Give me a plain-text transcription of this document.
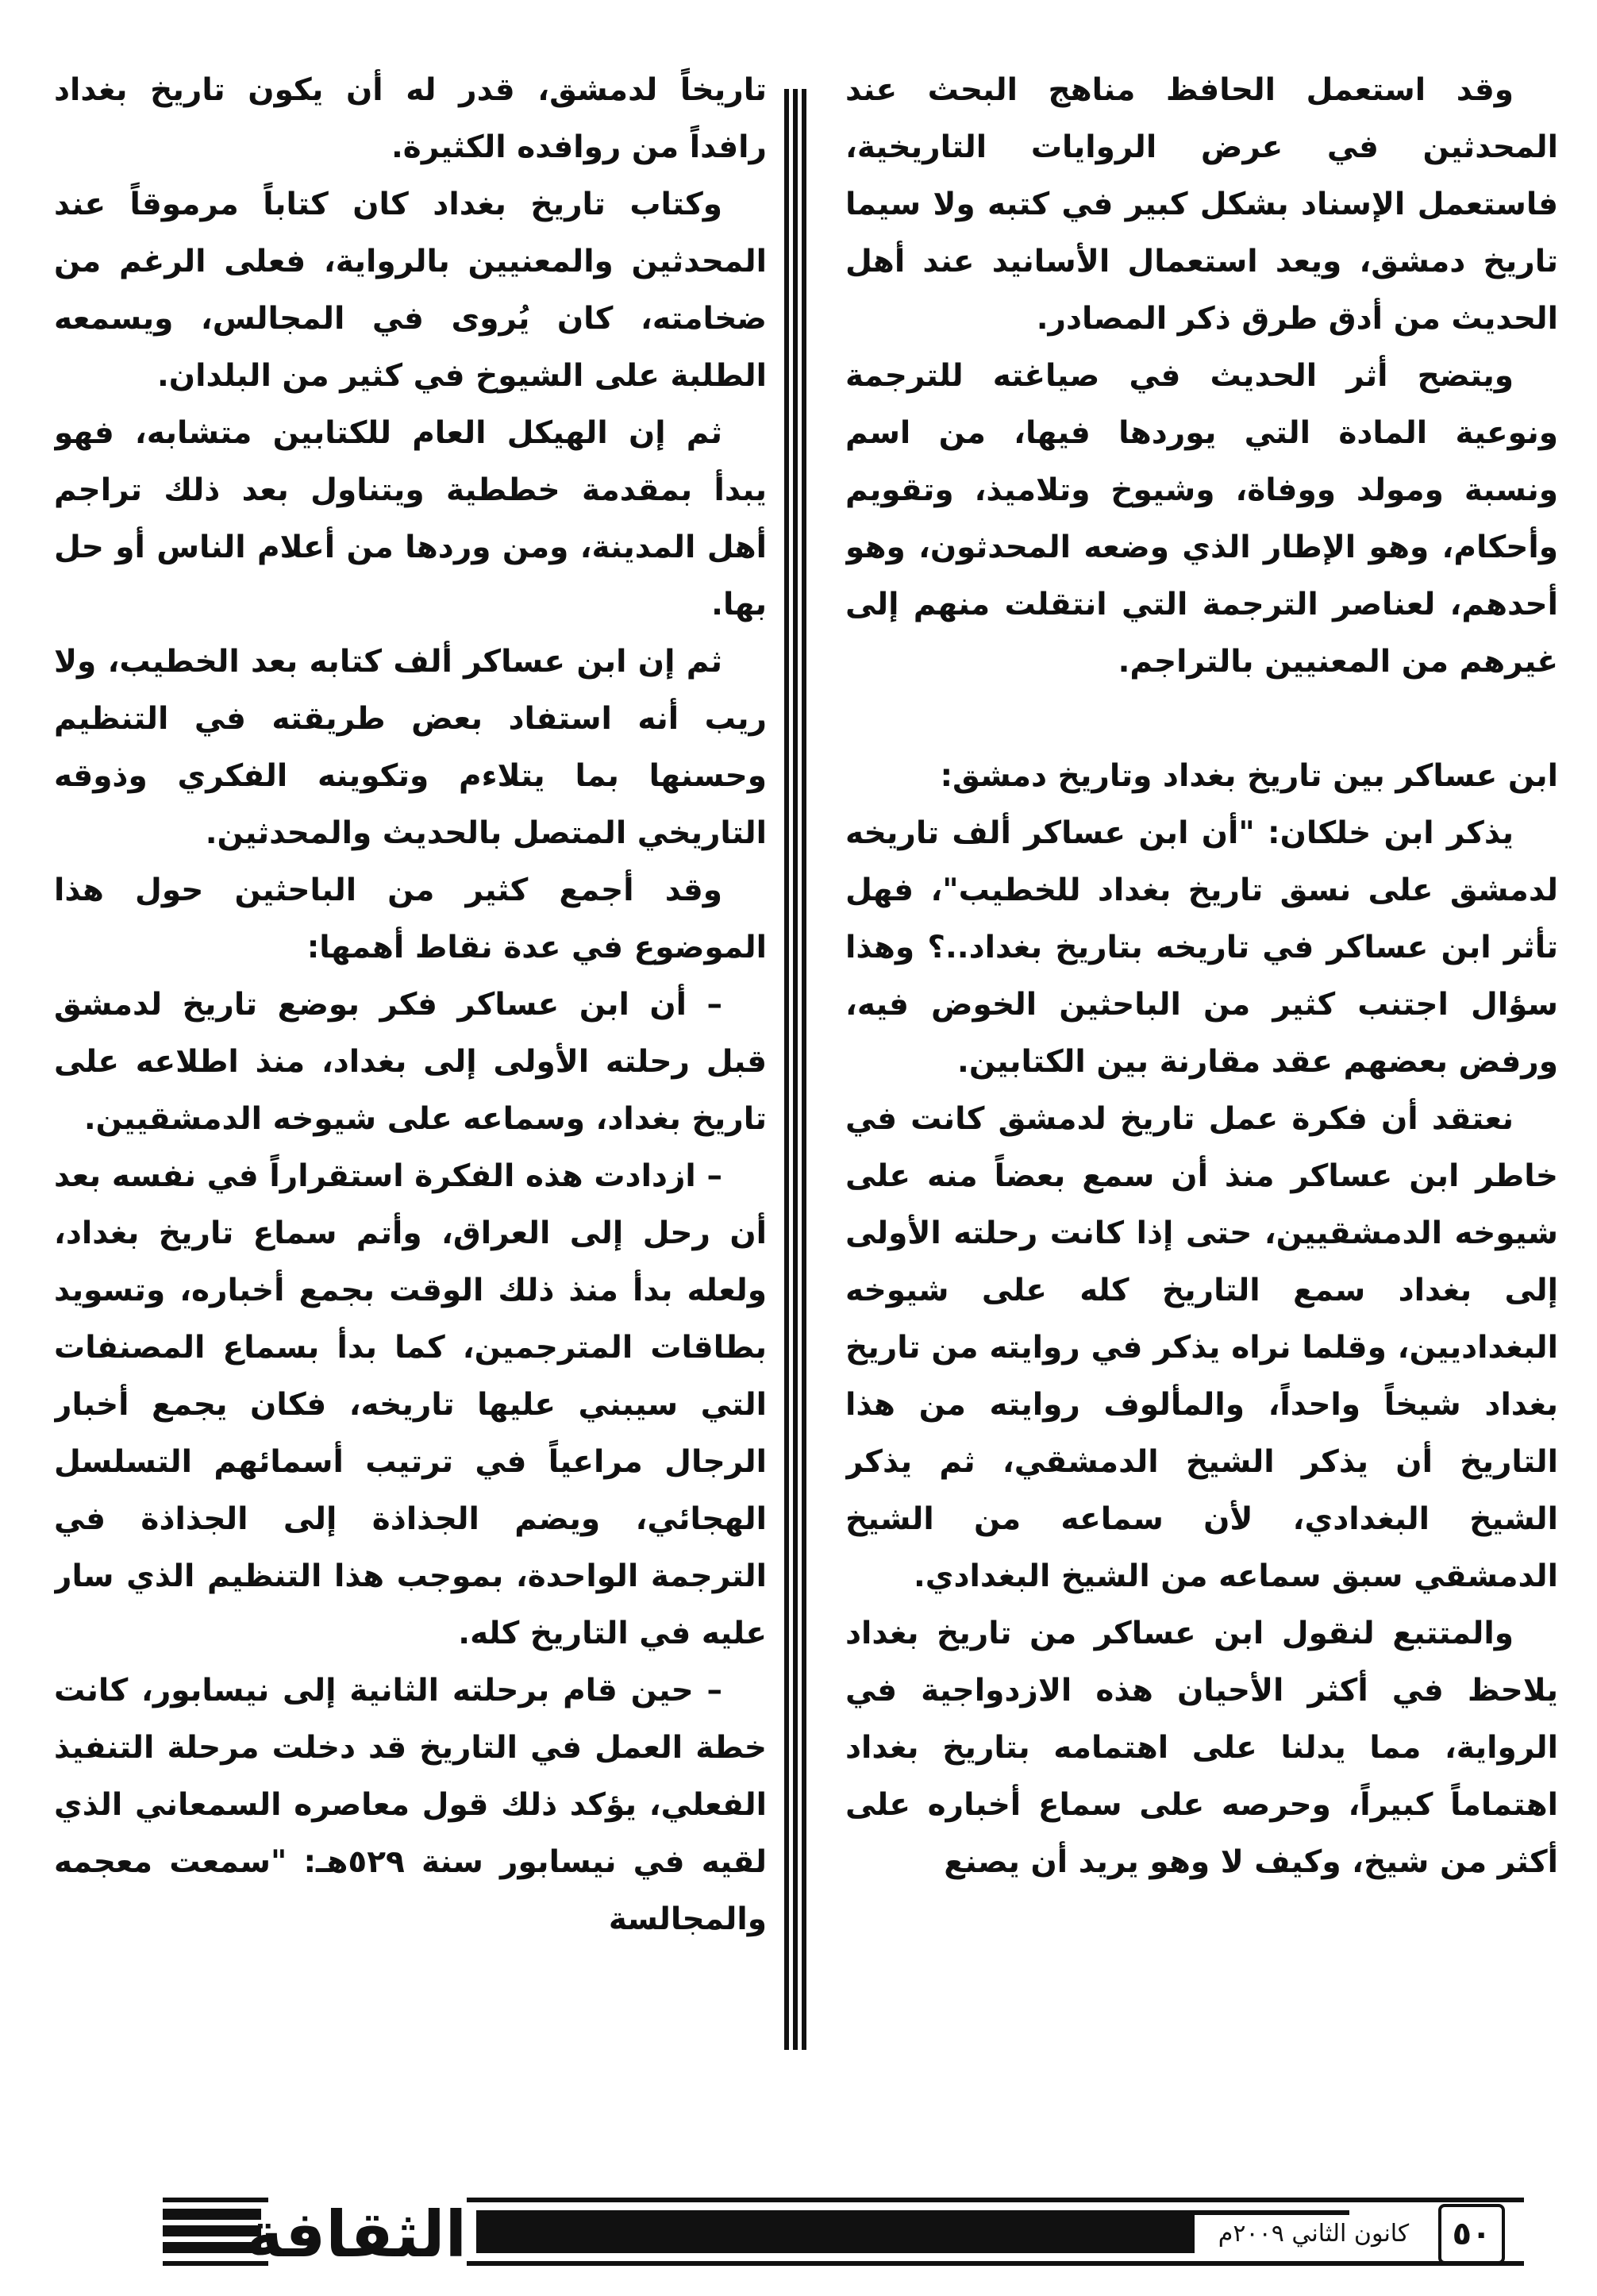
وقد استعمل الحافظ مناهج البحث عند المحدثين في عرض الروايات التاريخية، فاستعمل الإسناد بشكل كبير في كتبه ولا سيما تاريخ دمشق، ويعد استعمال الأسانيد عند أهل الحديث من أدق طرق ذكر المصادر.

ويتضح أثر الحديث في صياغته للترجمة ونوعية المادة التي يوردها فيها، من اسم ونسبة ومولد ووفاة، وشيوخ وتلاميذ، وتقويم وأحكام، وهو الإطار الذي وضعه المحدثون، وهو أحدهم، لعناصر الترجمة التي انتقلت منهم إلى غيرهم من المعنيين بالتراجم.

ابن عساكر بين تاريخ بغداد وتاريخ دمشق:

يذكر ابن خلكان: "أن ابن عساكر ألف تاريخه لدمشق على نسق تاريخ بغداد للخطيب"، فهل تأثر ابن عساكر في تاريخه بتاريخ بغداد..؟ وهذا سؤال اجتنب كثير من الباحثين الخوض فيه، ورفض بعضهم عقد مقارنة بين الكتابين.

نعتقد أن فكرة عمل تاريخ لدمشق كانت في خاطر ابن عساكر منذ أن سمع بعضاً منه على شيوخه الدمشقيين، حتى إذا كانت رحلته الأولى إلى بغداد سمع التاريخ كله على شيوخه البغداديين، وقلما نراه يذكر في روايته من تاريخ بغداد شيخاً واحداً، والمألوف روايته من هذا التاريخ أن يذكر الشيخ الدمشقي، ثم يذكر الشيخ البغدادي، لأن سماعه من الشيخ الدمشقي سبق سماعه من الشيخ البغدادي.

والمتتبع لنقول ابن عساكر من تاريخ بغداد يلاحظ في أكثر الأحيان هذه الازدواجية في الرواية، مما يدلنا على اهتمامه بتاريخ بغداد اهتماماً كبيراً، وحرصه على سماع أخباره على أكثر من شيخ، وكيف لا وهو يريد أن يصنع

تاريخاً لدمشق، قدر له أن يكون تاريخ بغداد رافداً من روافده الكثيرة.

وكتاب تاريخ بغداد كان كتاباً مرموقاً عند المحدثين والمعنيين بالرواية، فعلى الرغم من ضخامته، كان يُروى في المجالس، ويسمعه الطلبة على الشيوخ في كثير من البلدان.

ثم إن الهيكل العام للكتابين متشابه، فهو يبدأ بمقدمة خططية ويتناول بعد ذلك تراجم أهل المدينة، ومن وردها من أعلام الناس أو حل بها.

ثم إن ابن عساكر ألف كتابه بعد الخطيب، ولا ريب أنه استفاد بعض طريقته في التنظيم وحسنها بما يتلاءم وتكوينه الفكري وذوقه التاريخي المتصل بالحديث والمحدثين.

وقد أجمع كثير من الباحثين حول هذا الموضوع في عدة نقاط أهمها:

– أن ابن عساكر فكر بوضع تاريخ لدمشق قبل رحلته الأولى إلى بغداد، منذ اطلاعه على تاريخ بغداد، وسماعه على شيوخه الدمشقيين.

– ازدادت هذه الفكرة استقراراً في نفسه بعد أن رحل إلى العراق، وأتم سماع تاريخ بغداد، ولعله بدأ منذ ذلك الوقت بجمع أخباره، وتسويد بطاقات المترجمين، كما بدأ بسماع المصنفات التي سيبني عليها تاريخه، فكان يجمع أخبار الرجال مراعياً في ترتيب أسمائهم التسلسل الهجائي، ويضم الجذاذة إلى الجذاذة في الترجمة الواحدة، بموجب هذا التنظيم الذي سار عليه في التاريخ كله.

– حين قام برحلته الثانية إلى نيسابور، كانت خطة العمل في التاريخ قد دخلت مرحلة التنفيذ الفعلي، يؤكد ذلك قول معاصره السمعاني الذي لقيه في نيسابور سنة ٥٢٩هـ: "سمعت معجمه والمجالسة

الثقافة	كانون الثاني ٢٠٠٩م	٥٠
